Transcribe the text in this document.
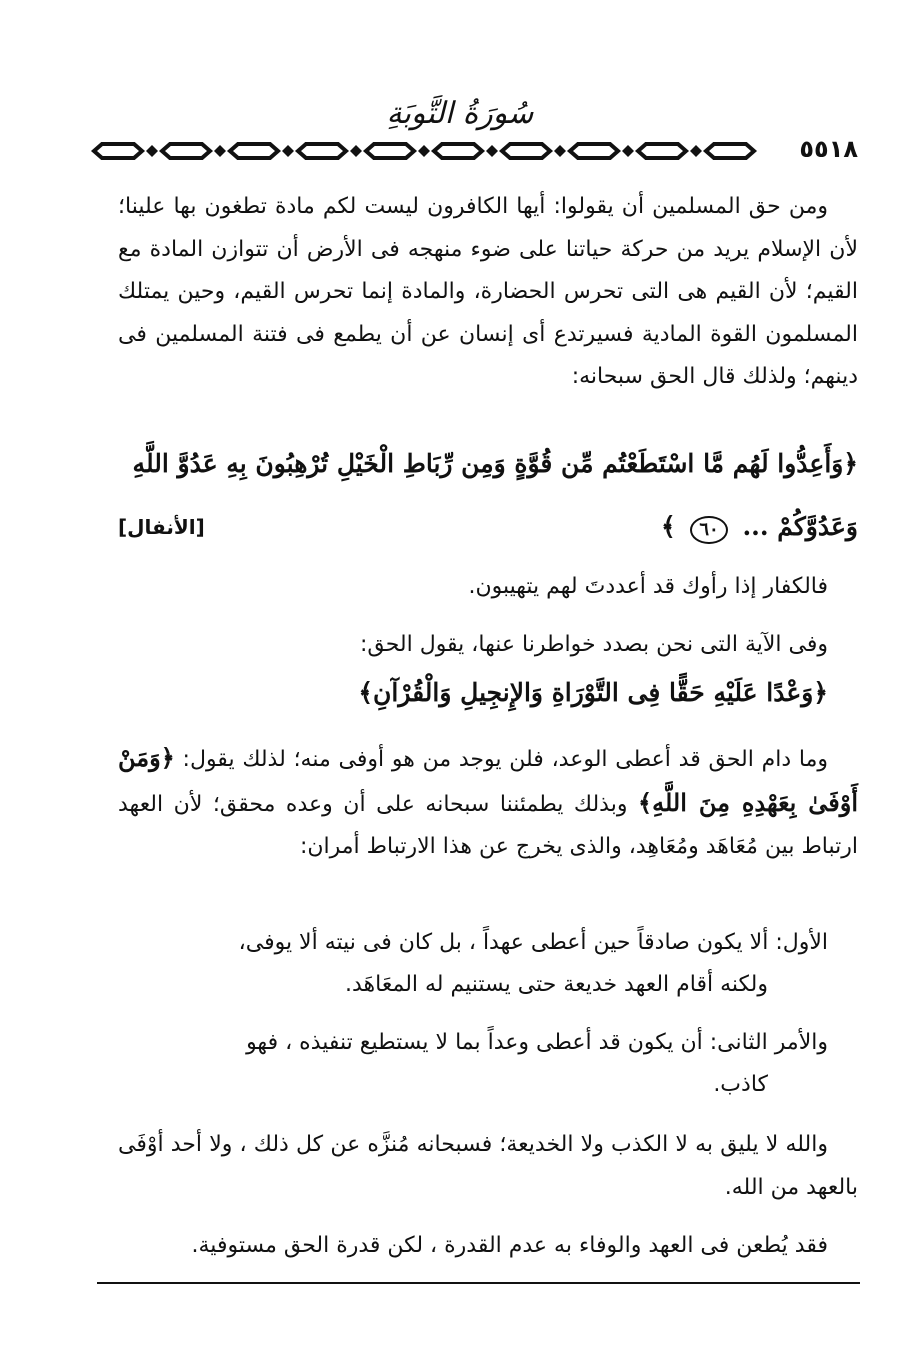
سُورَةُ التَّوبَةِ
٥٥١٨

ومن حق المسلمين أن يقولوا: أيها الكافرون ليست لكم مادة تطغون بها علينا؛ لأن الإسلام يريد من حركة حياتنا على ضوء منهجه فى الأرض أن تتوازن المادة مع القيم؛ لأن القيم هى التى تحرس الحضارة، والمادة إنما تحرس القيم، وحين يمتلك المسلمون القوة المادية فسيرتدع أى إنسان عن أن يطمع فى فتنة المسلمين فى دينهم؛ ولذلك قال الحق سبحانه:

﴿وَأَعِدُّوا لَهُم مَّا اسْتَطَعْتُم مِّن قُوَّةٍ وَمِن رِّبَاطِ الْخَيْلِ تُرْهِبُونَ بِهِ عَدُوَّ اللَّهِ
وَعَدُوَّكُمْ ... ٦٠ ﴾
[الأنفال]

فالكفار إذا رأوك قد أعددتَ لهم يتهيبون.

وفى الآية التى نحن بصدد خواطرنا عنها، يقول الحق:

﴿وَعْدًا عَلَيْهِ حَقًّا فِى التَّوْرَاةِ وَالإِنجِيلِ وَالْقُرْآنِ﴾

وما دام الحق قد أعطى الوعد، فلن يوجد من هو أوفى منه؛ لذلك يقول: ﴿وَمَنْ أَوْفَىٰ بِعَهْدِهِ مِنَ اللَّهِ﴾ وبذلك يطمئننا سبحانه على أن وعده محقق؛ لأن العهد ارتباط بين مُعَاهَد ومُعَاهِد، والذى يخرج عن هذا الارتباط أمران:

الأول: ألا يكون صادقاً حين أعطى عهداً ، بل كان فى نيته ألا يوفى،
ولكنه أقام العهد خديعة حتى يستنيم له المعَاهَد.
والأمر الثانى: أن يكون قد أعطى وعداً بما لا يستطيع تنفيذه ، فهو
كاذب.

والله لا يليق به لا الكذب ولا الخديعة؛ فسبحانه مُنزَّه عن كل ذلك ، ولا أحد أوْفَى بالعهد من الله.

فقد يُطعن فى العهد والوفاء به عدم القدرة ، لكن قدرة الحق مستوفية.
